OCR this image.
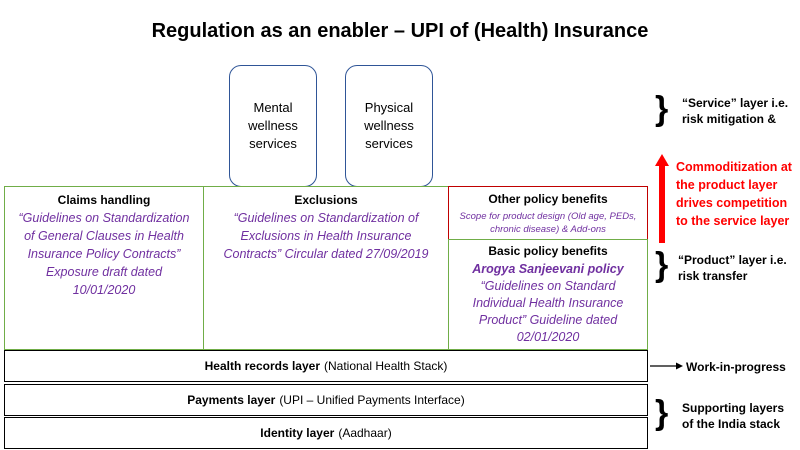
Regulation as an enabler – UPI of (Health) Insurance
Mental wellness services
Physical wellness services
Claims handling
“Guidelines on Standardization of General Clauses in Health Insurance Policy Contracts” Exposure draft dated 10/01/2020
Exclusions
“Guidelines on Standardization of Exclusions in Health Insurance Contracts” Circular dated 27/09/2019
Other policy benefits
Scope for product design (Old age, PEDs, chronic disease) & Add-ons
Basic policy benefits
Arogya Sanjeevani policy
“Guidelines on Standard Individual Health Insurance Product” Guideline dated 02/01/2020
Health records layer (National Health Stack)
Payments layer (UPI – Unified Payments Interface)
Identity layer (Aadhaar)
} “Service” layer i.e. risk mitigation &
Commoditization at the product layer drives competition to the service layer
} “Product” layer i.e. risk transfer
Work-in-progress
} Supporting layers of the India stack
